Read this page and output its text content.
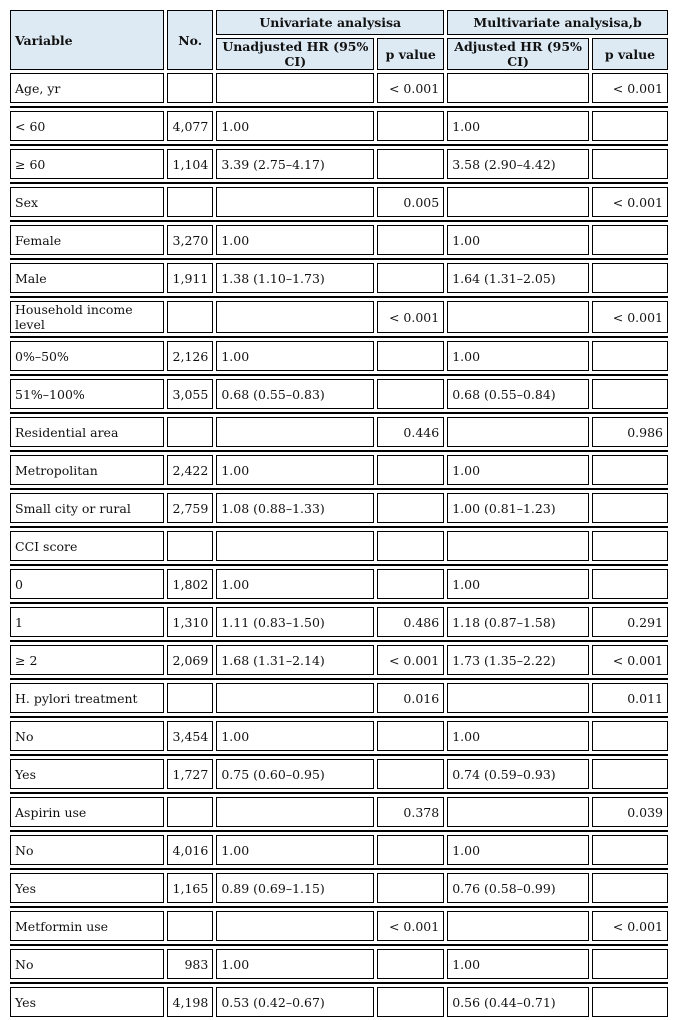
Variable	No.	Univariate analysisa		Multivariate analysisa,b	
		Unadjusted HR (95% CI)	p value	Adjusted HR (95% CI)	p value
Age, yr			< 0.001		< 0.001

< 60	4,077	1.00		1.00	

≥ 60	1,104	3.39 (2.75–4.17)		3.58 (2.90–4.42)	

Sex			0.005		< 0.001

Female	3,270	1.00		1.00	

Male	1,911	1.38 (1.10–1.73)		1.64 (1.31–2.05)	

Household income level			< 0.001		< 0.001

0%–50%	2,126	1.00		1.00	

51%–100%	3,055	0.68 (0.55–0.83)		0.68 (0.55–0.84)	

Residential area			0.446		0.986

Metropolitan	2,422	1.00		1.00	

Small city or rural	2,759	1.08 (0.88–1.33)		1.00 (0.81–1.23)	

CCI score					

0	1,802	1.00		1.00	

1	1,310	1.11 (0.83–1.50)	0.486	1.18 (0.87–1.58)	0.291

≥ 2	2,069	1.68 (1.31–2.14)	< 0.001	1.73 (1.35–2.22)	< 0.001

H. pylori treatment			0.016		0.011

No	3,454	1.00		1.00	

Yes	1,727	0.75 (0.60–0.95)		0.74 (0.59–0.93)	

Aspirin use			0.378		0.039

No	4,016	1.00		1.00	

Yes	1,165	0.89 (0.69–1.15)		0.76 (0.58–0.99)	

Metformin use			< 0.001		< 0.001

No	983	1.00		1.00	

Yes	4,198	0.53 (0.42–0.67)		0.56 (0.44–0.71)	
